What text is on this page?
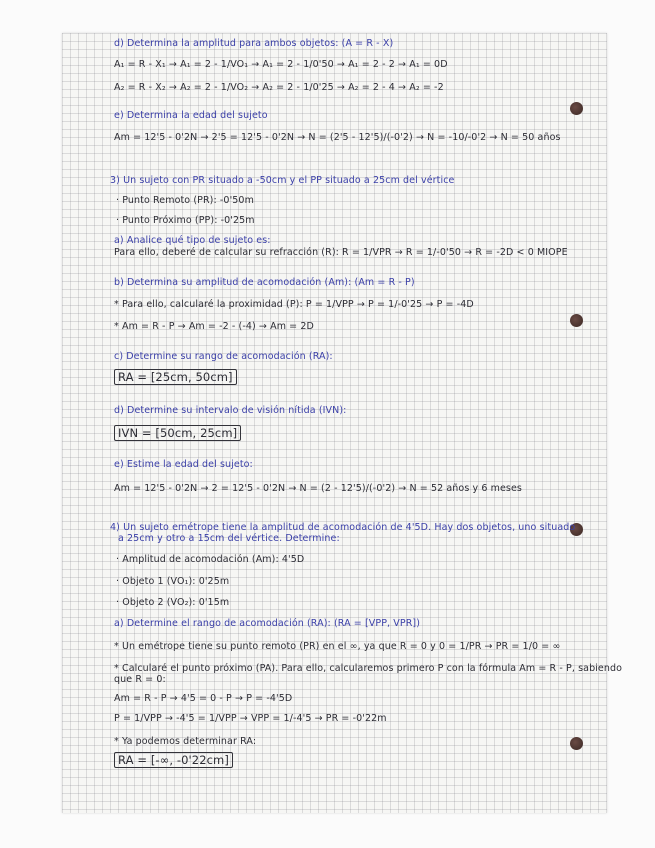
d) Determina la amplitud para ambos objetos: (A = R - X)
A₁ = R - X₁ → A₁ = 2 - 1/VO₁ → A₁ = 2 - 1/0'50 → A₁ = 2 - 2 → A₁ = 0D
A₂ = R - X₂ → A₂ = 2 - 1/VO₂ → A₂ = 2 - 1/0'25 → A₂ = 2 - 4 → A₂ = -2
e) Determina la edad del sujeto
Am = 12'5 - 0'2N → 2'5 = 12'5 - 0'2N → N = (2'5 - 12'5)/(-0'2) → N = -10/-0'2 → N = 50 años
3) Un sujeto con PR situado a -50cm y el PP situado a 25cm del vértice
· Punto Remoto (PR): -0'50m
· Punto Próximo (PP): -0'25m
a) Analice qué tipo de sujeto es:
Para ello, deberé de calcular su refracción (R): R = 1/VPR → R = 1/-0'50 → R = -2D < 0 MIOPE
b) Determina su amplitud de acomodación (Am): (Am = R - P)
* Para ello, calcularé la proximidad (P): P = 1/VPP → P = 1/-0'25 → P = -4D
* Am = R - P → Am = -2 - (-4) → Am = 2D
c) Determine su rango de acomodación (RA):
RA = [25cm, 50cm]
d) Determine su intervalo de visión nítida (IVN):
IVN = [50cm, 25cm]
e) Estime la edad del sujeto:
Am = 12'5 - 0'2N → 2 = 12'5 - 0'2N → N = (2 - 12'5)/(-0'2) → N = 52 años y 6 meses
4) Un sujeto emétrope tiene la amplitud de acomodación de 4'5D. Hay dos objetos, uno situado
a 25cm y otro a 15cm del vértice. Determine:
· Amplitud de acomodación (Am): 4'5D
· Objeto 1 (VO₁): 0'25m
· Objeto 2 (VO₂): 0'15m
a) Determine el rango de acomodación (RA): (RA = [VPP, VPR])
* Un emétrope tiene su punto remoto (PR) en el ∞, ya que R = 0 y 0 = 1/PR → PR = 1/0 = ∞
* Calcularé el punto próximo (PA). Para ello, calcularemos primero P con la fórmula Am = R - P, sabiendo
que R = 0:
Am = R - P → 4'5 = 0 - P → P = -4'5D
P = 1/VPP → -4'5 = 1/VPP → VPP = 1/-4'5 → PR = -0'22m
* Ya podemos determinar RA:
RA = [-∞, -0'22cm]
